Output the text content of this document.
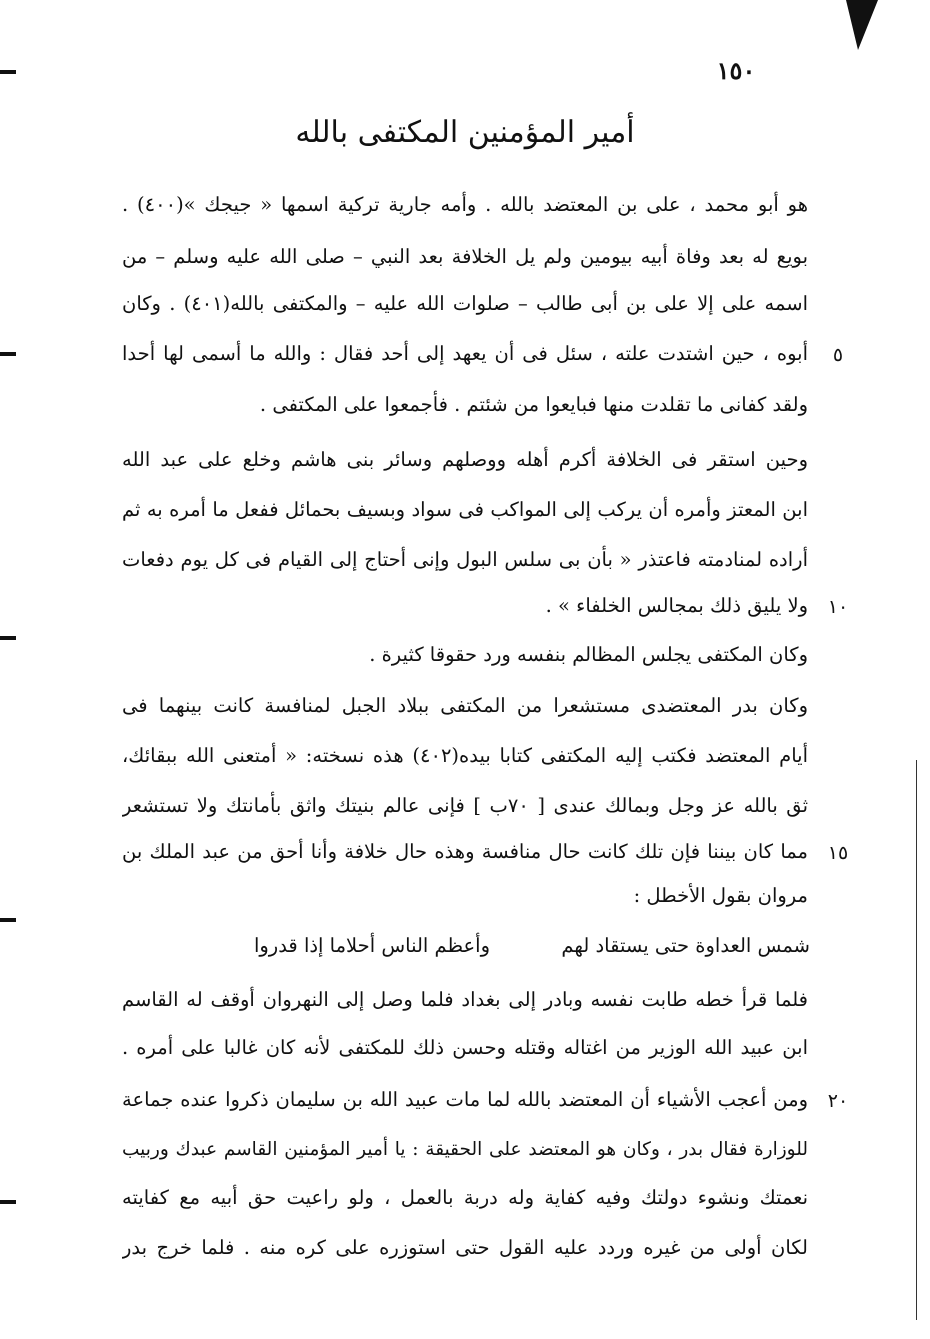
١٥٠
أمير المؤمنين المكتفى بالله
هو أبو محمد ، على بن المعتضد بالله . وأمه جارية تركية اسمها « جيجك »(٤٠٠) .
بويع له بعد وفاة أبيه بيومين ولم يل الخلافة بعد النبي – صلى الله عليه وسلم – من
اسمه على إلا على بن أبى طالب – صلوات الله عليه – والمكتفى بالله(٤٠١) . وكان
أبوه ، حين اشتدت علته ، سئل فى أن يعهد إلى أحد فقال : والله ما أسمى لها أحدا
ولقد كفانى ما تقلدت منها فبايعوا من شئتم . فأجمعوا على المكتفى .
وحين استقر فى الخلافة أكرم أهله ووصلهم وسائر بنى هاشم وخلع على عبد الله
ابن المعتز وأمره أن يركب إلى المواكب فى سواد وبسيف بحمائل ففعل ما أمره به ثم
أراده لمنادمته فاعتذر « بأن بى سلس البول وإنى أحتاج إلى القيام فى كل يوم دفعات
ولا يليق ذلك بمجالس الخلفاء » .
وكان المكتفى يجلس المظالم بنفسه ورد حقوقا كثيرة .
وكان بدر المعتضدى مستشعرا من المكتفى ببلاد الجبل لمنافسة كانت بينهما فى
أيام المعتضد فكتب إليه المكتفى كتابا بيده(٤٠٢) هذه نسخته: « أمتعنى الله ببقائك،
ثق بالله عز وجل وبمالك عندى [ ٧٠ب ] فإنى عالم بنيتك واثق بأمانتك ولا تستشعر
مما كان بيننا فإن تلك كانت حال منافسة وهذه حال خلافة وأنا أحق من عبد الملك بن
مروان بقول الأخطل :
شمس العداوة حتى يستقاد لهم
وأعظم الناس أحلاما إذا قدروا
فلما قرأ خطه طابت نفسه وبادر إلى بغداد فلما وصل إلى النهروان أوقف له القاسم
ابن عبيد الله الوزير من اغتاله وقتله وحسن ذلك للمكتفى لأنه كان غالبا على أمره .
ومن أعجب الأشياء أن المعتضد بالله لما مات عبيد الله بن سليمان ذكروا عنده جماعة
للوزارة فقال بدر ، وكان هو المعتضد على الحقيقة : يا أمير المؤمنين القاسم عبدك وربيب
نعمتك ونشوء دولتك وفيه كفاية وله دربة بالعمل ، ولو راعيت حق أبيه مع كفايته
لكان أولى من غيره وردد عليه القول حتى استوزره على كره منه . فلما خرج بدر
٥
١٠
١٥
٢٠
